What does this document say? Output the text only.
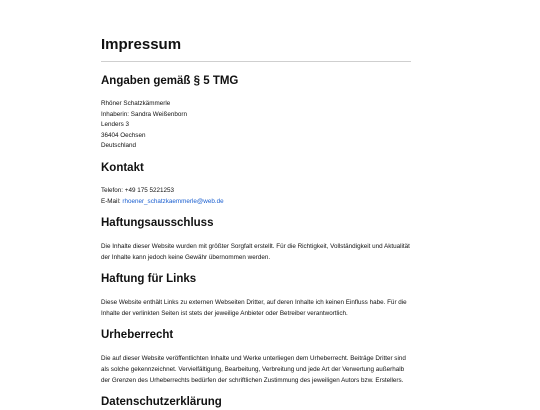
Impressum
Angaben gemäß § 5 TMG

Rhöner Schatzkämmerle

Inhaberin: Sandra Weißenborn

Lenders 3

36404 Oechsen

Deutschland

Kontakt

Telefon: +49 175 5221253

E-Mail: rhoener_schatzkaemmerle@web.de

Haftungsausschluss

Die Inhalte dieser Website wurden mit größter Sorgfalt erstellt. Für die Richtigkeit, Vollständigkeit und Aktualität der Inhalte kann jedoch keine Gewähr übernommen werden.

Haftung für Links

Diese Website enthält Links zu externen Webseiten Dritter, auf deren Inhalte ich keinen Einfluss habe. Für die Inhalte der verlinkten Seiten ist stets der jeweilige Anbieter oder Betreiber verantwortlich.

Urheberrecht

Die auf dieser Website veröffentlichten Inhalte und Werke unterliegen dem Urheberrecht. Beiträge Dritter sind als solche gekennzeichnet. Vervielfältigung, Bearbeitung, Verbreitung und jede Art der Verwertung außerhalb der Grenzen des Urheberrechts bedürfen der schriftlichen Zustimmung des jeweiligen Autors bzw. Erstellers.

Datenschutzerklärung
